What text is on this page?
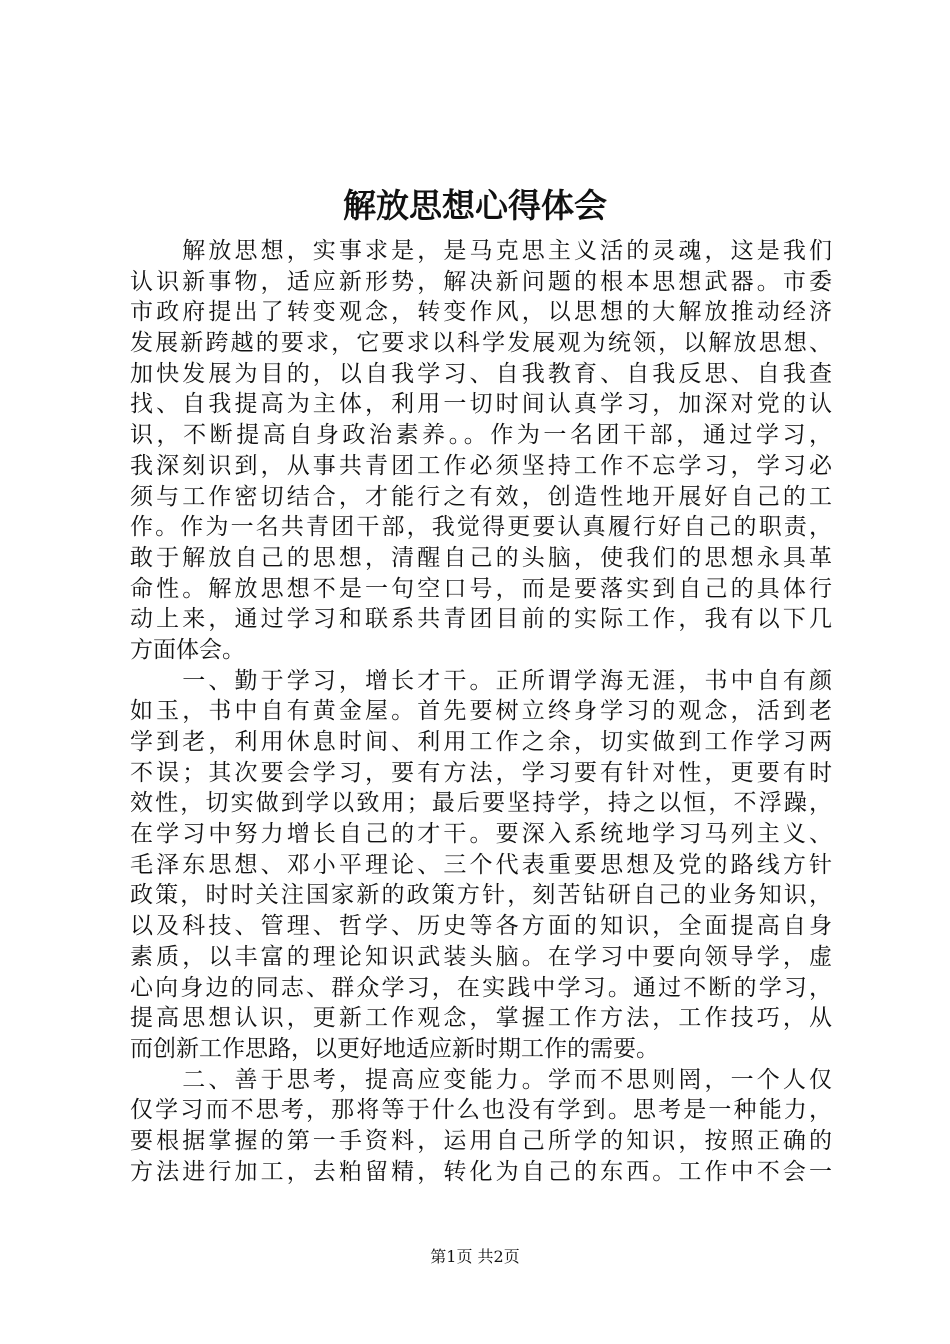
解放思想心得体会
　　解放思想，实事求是，是马克思主义活的灵魂，这是我们
认识新事物，适应新形势，解决新问题的根本思想武器。市委
市政府提出了转变观念，转变作风，以思想的大解放推动经济
发展新跨越的要求，它要求以科学发展观为统领，以解放思想、
加快发展为目的，以自我学习、自我教育、自我反思、自我查
找、自我提高为主体，利用一切时间认真学习，加深对党的认
识，不断提高自身政治素养。。作为一名团干部，通过学习，
我深刻识到，从事共青团工作必须坚持工作不忘学习，学习必
须与工作密切结合，才能行之有效，创造性地开展好自己的工
作。作为一名共青团干部，我觉得更要认真履行好自己的职责，
敢于解放自己的思想，清醒自己的头脑，使我们的思想永具革
命性。解放思想不是一句空口号，而是要落实到自己的具体行
动上来，通过学习和联系共青团目前的实际工作，我有以下几
方面体会。
　　一、勤于学习，增长才干。正所谓学海无涯，书中自有颜
如玉，书中自有黄金屋。首先要树立终身学习的观念，活到老
学到老，利用休息时间、利用工作之余，切实做到工作学习两
不误；其次要会学习，要有方法，学习要有针对性，更要有时
效性，切实做到学以致用；最后要坚持学，持之以恒，不浮躁，
在学习中努力增长自己的才干。要深入系统地学习马列主义、
毛泽东思想、邓小平理论、三个代表重要思想及党的路线方针
政策，时时关注国家新的政策方针，刻苦钻研自己的业务知识，
以及科技、管理、哲学、历史等各方面的知识，全面提高自身
素质，以丰富的理论知识武装头脑。在学习中要向领导学，虚
心向身边的同志、群众学习，在实践中学习。通过不断的学习，
提高思想认识，更新工作观念，掌握工作方法，工作技巧，从
而创新工作思路，以更好地适应新时期工作的需要。
　　二、善于思考，提高应变能力。学而不思则罔，一个人仅
仅学习而不思考，那将等于什么也没有学到。思考是一种能力，
要根据掌握的第一手资料，运用自己所学的知识，按照正确的
方法进行加工，去粕留精，转化为自己的东西。工作中不会一
第1页 共2页
